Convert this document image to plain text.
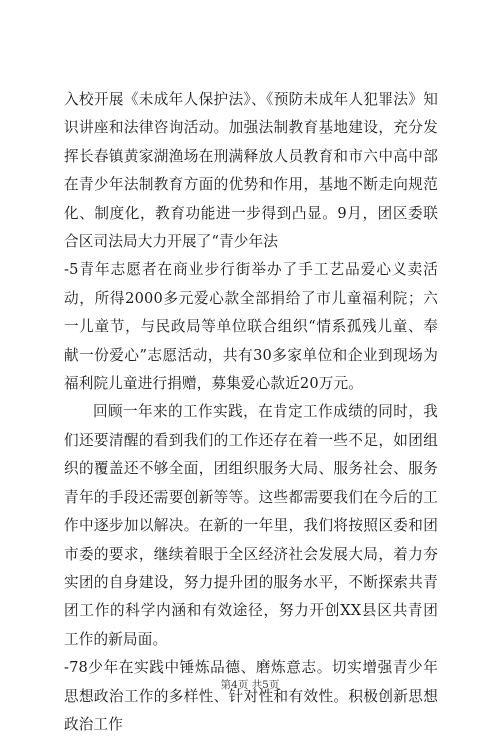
入校开展《未成年人保护法》、《预防未成年人犯罪法》知识讲座和法律咨询活动。加强法制教育基地建设，充分发挥长春镇黄家湖渔场在刑满释放人员教育和市六中高中部在青少年法制教育方面的优势和作用，基地不断走向规范化、制度化，教育功能进一步得到凸显。9月，团区委联合区司法局大力开展了“青少年法

-5青年志愿者在商业步行街举办了手工艺品爱心义卖活动，所得2000多元爱心款全部捐给了市儿童福利院；六一儿童节，与民政局等单位联合组织“情系孤残儿童、奉献一份爱心”志愿活动，共有30多家单位和企业到现场为福利院儿童进行捐赠，募集爱心款近20万元。

回顾一年来的工作实践，在肯定工作成绩的同时，我们还要清醒的看到我们的工作还存在着一些不足，如团组织的覆盖还不够全面，团组织服务大局、服务社会、服务青年的手段还需要创新等等。这些都需要我们在今后的工作中逐步加以解决。在新的一年里，我们将按照区委和团市委的要求，继续着眼于全区经济社会发展大局，着力夯实团的自身建设，努力提升团的服务水平，不断探索共青团工作的科学内涵和有效途径，努力开创XX县区共青团工作的新局面。

-78少年在实践中锤炼品德、磨炼意志。切实增强青少年思想政治工作的多样性、针对性和有效性。积极创新思想政治工作

第4页 共5页
